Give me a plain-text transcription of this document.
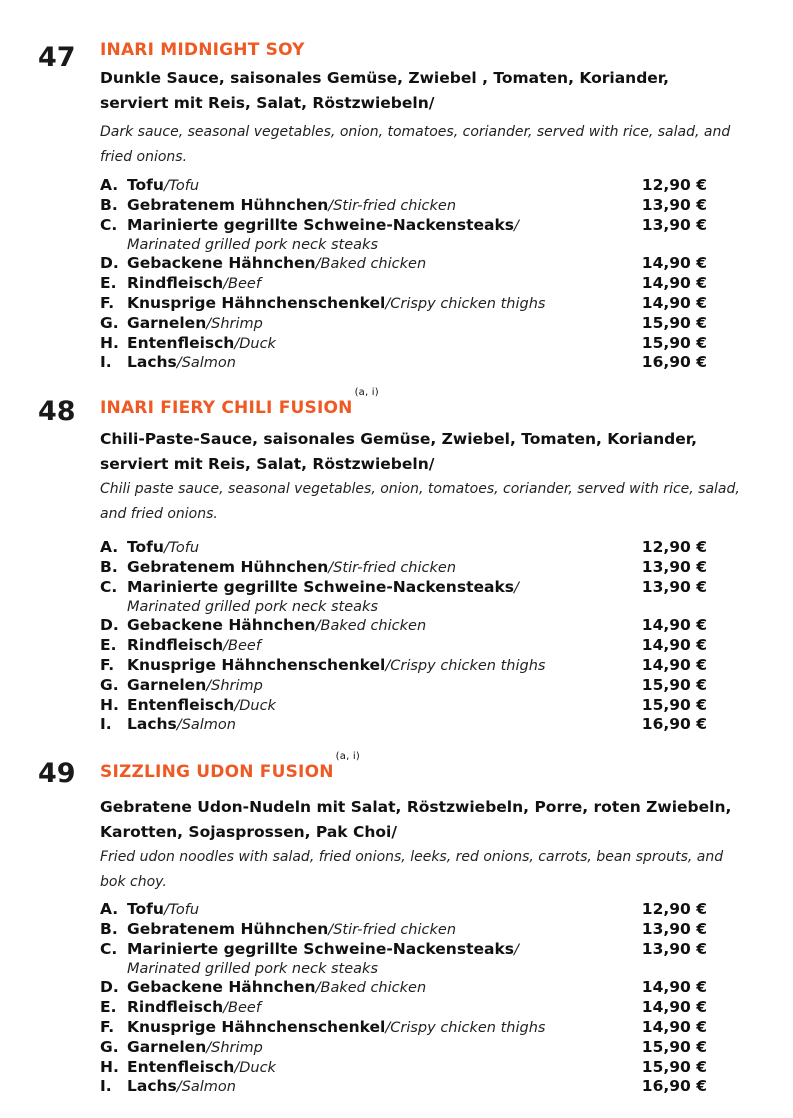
47 INARI MIDNIGHT SOY
Dunkle Sauce, saisonales Gemüse, Zwiebel , Tomaten, Koriander, serviert mit Reis, Salat, Röstzwiebeln/
Dark sauce, seasonal vegetables, onion, tomatoes, coriander, served with rice, salad, and fried onions.
A. Tofu/Tofu	12,90 €
B. Gebratenem Hühnchen/Stir-fried chicken	13,90 €
C. Marinierte gegrillte Schweine-Nackensteaks/	13,90 €
Marinated grilled pork neck steaks
D. Gebackene Hähnchen/Baked chicken	14,90 €
E. Rindfleisch/Beef	14,90 €
F. Knusprige Hähnchenschenkel/Crispy chicken thighs	14,90 €
G. Garnelen/Shrimp	15,90 €
H. Entenfleisch/Duck	15,90 €
I. Lachs/Salmon	16,90 €
48 INARI FIERY CHILI FUSION$^{(a, i)}$
Chili-Paste-Sauce, saisonales Gemüse, Zwiebel, Tomaten, Koriander, serviert mit Reis, Salat, Röstzwiebeln/
Chili paste sauce, seasonal vegetables, onion, tomatoes, coriander, served with rice, salad, and fried onions.
A. Tofu/Tofu	12,90 €
B. Gebratenem Hühnchen/Stir-fried chicken	13,90 €
C. Marinierte gegrillte Schweine-Nackensteaks/	13,90 €
Marinated grilled pork neck steaks
D. Gebackene Hähnchen/Baked chicken	14,90 €
E. Rindfleisch/Beef	14,90 €
F. Knusprige Hähnchenschenkel/Crispy chicken thighs	14,90 €
G. Garnelen/Shrimp	15,90 €
H. Entenfleisch/Duck	15,90 €
I. Lachs/Salmon	16,90 €
49 SIZZLING UDON FUSION$^{(a, i)}$
Gebratene Udon-Nudeln mit Salat, Röstzwiebeln, Porre, roten Zwiebeln, Karotten, Sojasprossen, Pak Choi/
Fried udon noodles with salad, fried onions, leeks, red onions, carrots, bean sprouts, and bok choy.
A. Tofu/Tofu	12,90 €
B. Gebratenem Hühnchen/Stir-fried chicken	13,90 €
C. Marinierte gegrillte Schweine-Nackensteaks/	13,90 €
Marinated grilled pork neck steaks
D. Gebackene Hähnchen/Baked chicken	14,90 €
E. Rindfleisch/Beef	14,90 €
F. Knusprige Hähnchenschenkel/Crispy chicken thighs	14,90 €
G. Garnelen/Shrimp	15,90 €
H. Entenfleisch/Duck	15,90 €
I. Lachs/Salmon	16,90 €
